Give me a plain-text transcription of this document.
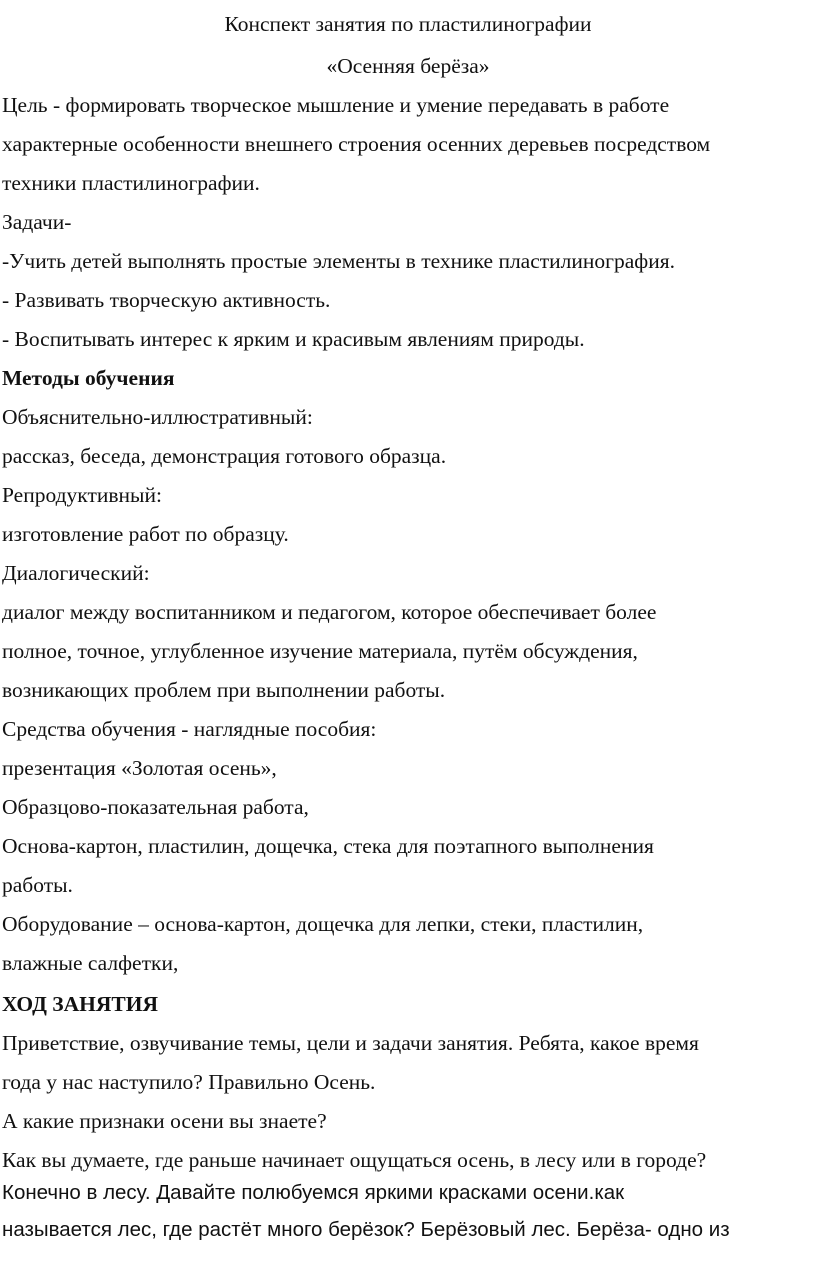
Конспект занятия по пластилинографии
«Осенняя берёза»
Цель - формировать творческое мышление и умение передавать в работе
характерные особенности внешнего строения осенних деревьев посредством
техники пластилинографии.
Задачи-
-Учить детей выполнять простые элементы в технике пластилинография.
- Развивать творческую активность.
- Воспитывать интерес к ярким и красивым явлениям природы.
Методы обучения
Объяснительно-иллюстративный:
рассказ, беседа, демонстрация готового образца.
Репродуктивный:
изготовление работ по образцу.
Диалогический:
диалог между воспитанником и педагогом, которое обеспечивает более
полное, точное, углубленное изучение материала, путём обсуждения,
возникающих проблем при выполнении работы.
Средства обучения - наглядные пособия:
презентация «Золотая осень»,
Образцово-показательная работа,
Основа-картон, пластилин, дощечка, стека для поэтапного выполнения
работы.
Оборудование – основа-картон, дощечка для лепки, стеки, пластилин,
влажные салфетки,
ХОД ЗАНЯТИЯ
Приветствие, озвучивание темы, цели и задачи занятия. Ребята, какое время
года у нас наступило? Правильно Осень.
А какие признаки осени вы знаете?
Как вы думаете, где раньше начинает ощущаться осень, в лесу или в городе?
Конечно в лесу. Давайте полюбуемся яркими красками осени.как
называется лес, где растёт много берёзок? Берёзовый лес. Берёза- одно из
